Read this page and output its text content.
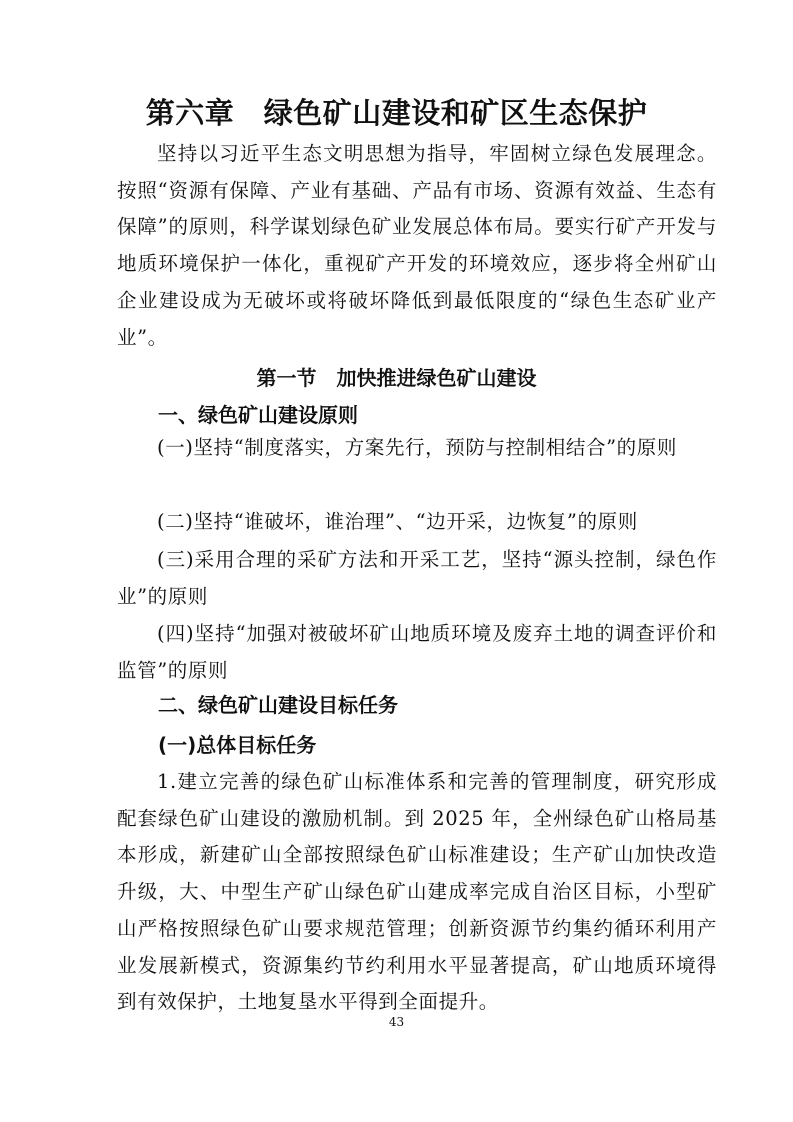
第六章　绿色矿山建设和矿区生态保护

坚持以习近平生态文明思想为指导，牢固树立绿色发展理念。按照“资源有保障、产业有基础、产品有市场、资源有效益、生态有保障”的原则，科学谋划绿色矿业发展总体布局。要实行矿产开发与地质环境保护一体化，重视矿产开发的环境效应，逐步将全州矿山企业建设成为无破坏或将破坏降低到最低限度的“绿色生态矿业产业”。

第一节　加快推进绿色矿山建设
一、绿色矿山建设原则

(一)坚持“制度落实，方案先行，预防与控制相结合”的原则

(二)坚持“谁破坏，谁治理”、“边开采，边恢复”的原则

(三)采用合理的采矿方法和开采工艺，坚持“源头控制，绿色作业”的原则

(四)坚持“加强对被破坏矿山地质环境及废弃土地的调查评价和监管”的原则

二、绿色矿山建设目标任务
(一)总体目标任务

1.建立完善的绿色矿山标准体系和完善的管理制度，研究形成配套绿色矿山建设的激励机制。到 2025 年，全州绿色矿山格局基本形成，新建矿山全部按照绿色矿山标准建设；生产矿山加快改造升级，大、中型生产矿山绿色矿山建成率完成自治区目标，小型矿山严格按照绿色矿山要求规范管理；创新资源节约集约循环利用产业发展新模式，资源集约节约利用水平显著提高，矿山地质环境得到有效保护，土地复垦水平得到全面提升。

43
